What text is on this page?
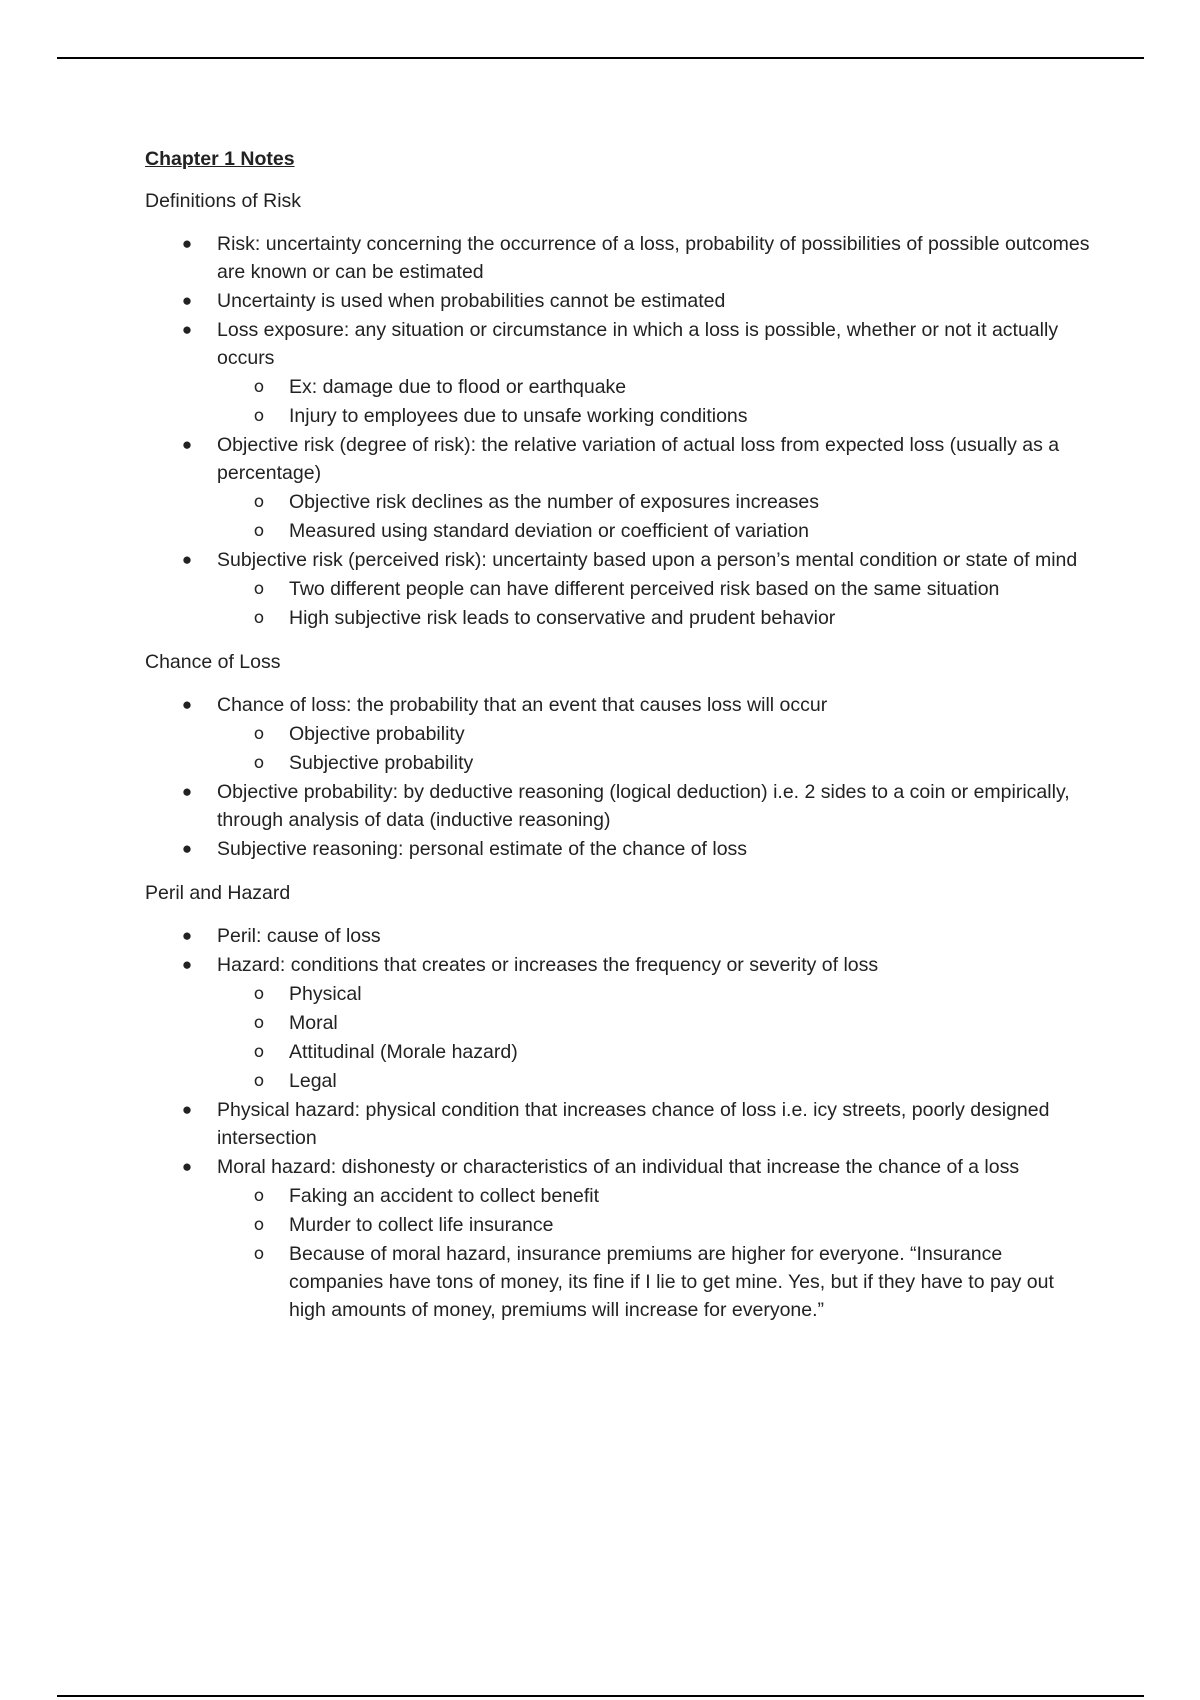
Chapter 1 Notes
Definitions of Risk
● Risk: uncertainty concerning the occurrence of a loss, probability of possibilities of possible outcomes are known or can be estimated
● Uncertainty is used when probabilities cannot be estimated
● Loss exposure: any situation or circumstance in which a loss is possible, whether or not it actually occurs
o Ex: damage due to flood or earthquake
o Injury to employees due to unsafe working conditions
● Objective risk (degree of risk): the relative variation of actual loss from expected loss (usually as a percentage)
o Objective risk declines as the number of exposures increases
o Measured using standard deviation or coefficient of variation
● Subjective risk (perceived risk): uncertainty based upon a person’s mental condition or state of mind
o Two different people can have different perceived risk based on the same situation
o High subjective risk leads to conservative and prudent behavior
Chance of Loss
● Chance of loss: the probability that an event that causes loss will occur
o Objective probability
o Subjective probability
● Objective probability: by deductive reasoning (logical deduction) i.e. 2 sides to a coin or empirically, through analysis of data (inductive reasoning)
● Subjective reasoning: personal estimate of the chance of loss
Peril and Hazard
● Peril: cause of loss
● Hazard: conditions that creates or increases the frequency or severity of loss
o Physical
o Moral
o Attitudinal (Morale hazard)
o Legal
● Physical hazard: physical condition that increases chance of loss i.e. icy streets, poorly designed intersection
● Moral hazard: dishonesty or characteristics of an individual that increase the chance of a loss
o Faking an accident to collect benefit
o Murder to collect life insurance
o Because of moral hazard, insurance premiums are higher for everyone. “Insurance companies have tons of money, its fine if I lie to get mine. Yes, but if they have to pay out high amounts of money, premiums will increase for everyone.”
